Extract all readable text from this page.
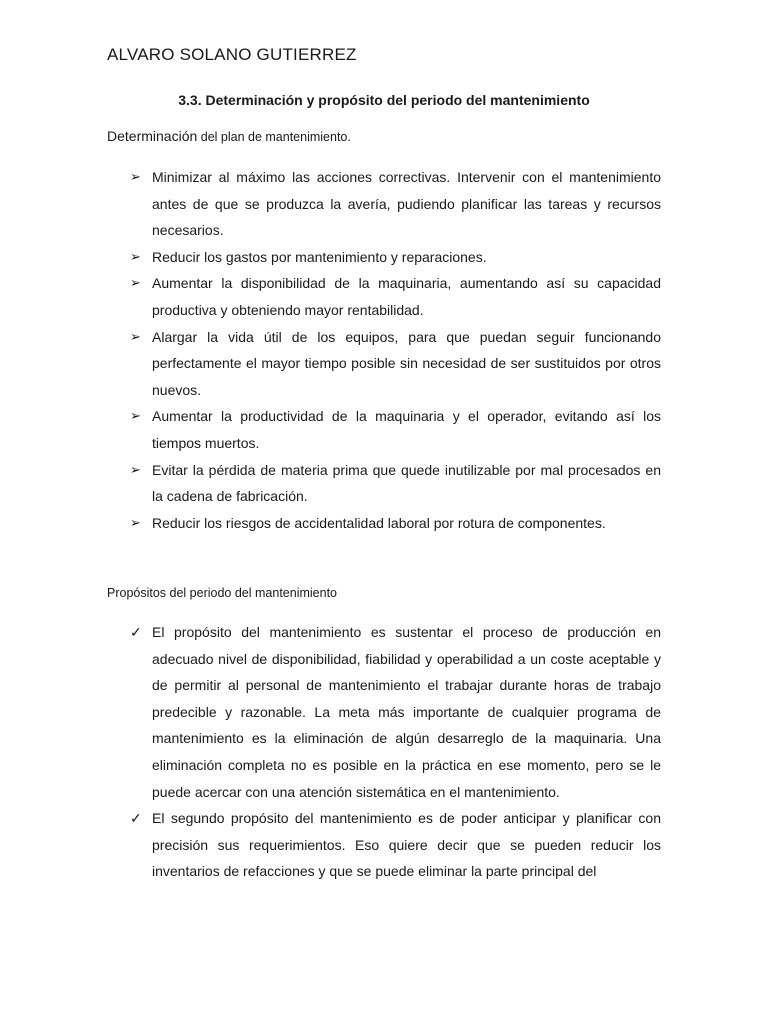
ALVARO SOLANO GUTIERREZ
3.3. Determinación y propósito del periodo del mantenimiento

Determinación del plan de mantenimiento.

➢ Minimizar al máximo las acciones correctivas. Intervenir con el mantenimiento antes de que se produzca la avería, pudiendo planificar las tareas y recursos necesarios.
➢ Reducir los gastos por mantenimiento y reparaciones.
➢ Aumentar la disponibilidad de la maquinaria, aumentando así su capacidad productiva y obteniendo mayor rentabilidad.
➢ Alargar la vida útil de los equipos, para que puedan seguir funcionando perfectamente el mayor tiempo posible sin necesidad de ser sustituidos por otros nuevos.
➢ Aumentar la productividad de la maquinaria y el operador, evitando así los tiempos muertos.
➢ Evitar la pérdida de materia prima que quede inutilizable por mal procesados en la cadena de fabricación.
➢ Reducir los riesgos de accidentalidad laboral por rotura de componentes.

Propósitos del periodo del mantenimiento

✓ El propósito del mantenimiento es sustentar el proceso de producción en adecuado nivel de disponibilidad, fiabilidad y operabilidad a un coste aceptable y de permitir al personal de mantenimiento el trabajar durante horas de trabajo predecible y razonable. La meta más importante de cualquier programa de mantenimiento es la eliminación de algún desarreglo de la maquinaria. Una eliminación completa no es posible en la práctica en ese momento, pero se le puede acercar con una atención sistemática en el mantenimiento.
✓ El segundo propósito del mantenimiento es de poder anticipar y planificar con precisión sus requerimientos. Eso quiere decir que se pueden reducir los inventarios de refacciones y que se puede eliminar la parte principal del
